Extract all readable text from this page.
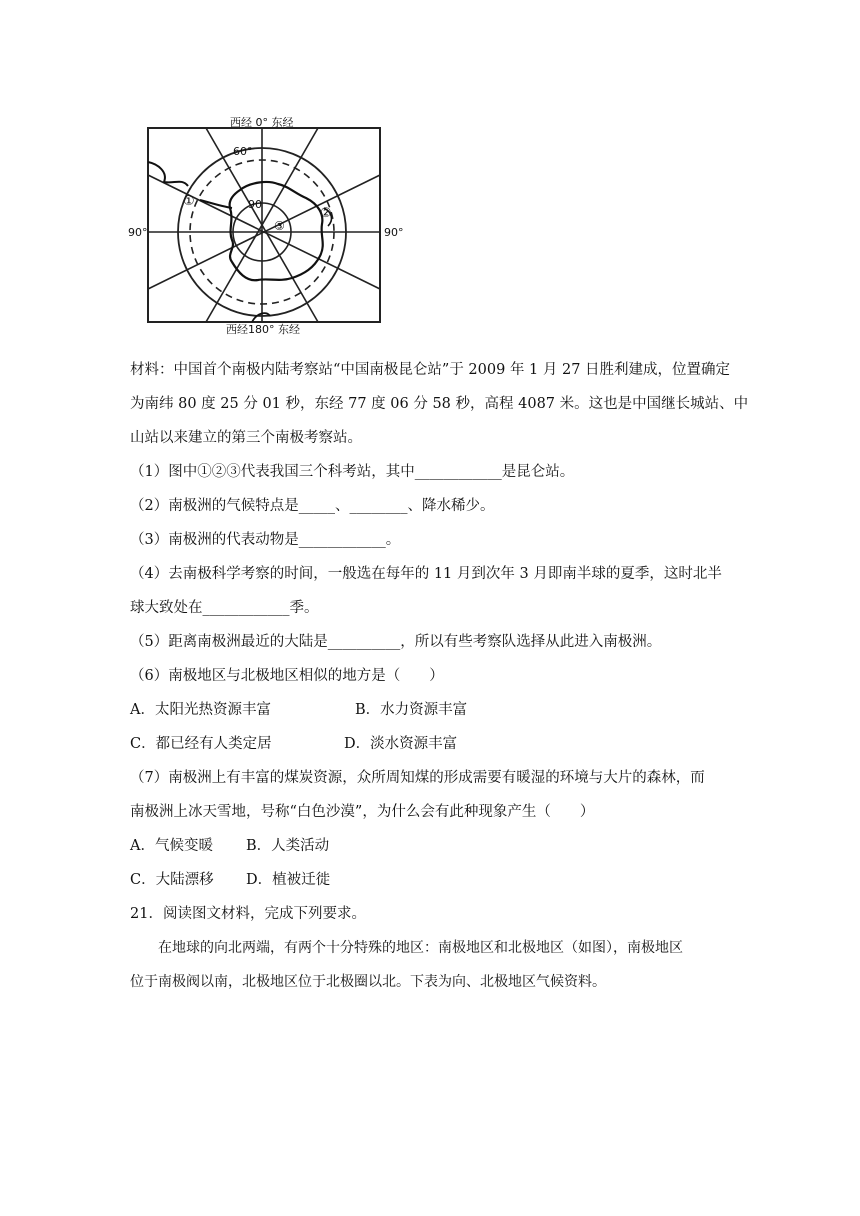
西经 0° 东经
西经180° 东经
90°	90°
60°
90
①
②
③
材料：中国首个南极内陆考察站“中国南极昆仑站”于 2009 年 1 月 27 日胜利建成，位置确定
为南纬 80 度 25 分 01 秒，东经 77 度 06 分 58 秒，高程 4087 米。这也是中国继长城站、中
山站以来建立的第三个南极考察站。
（1）图中①②③代表我国三个科考站，其中____________是昆仑站。
（2）南极洲的气候特点是_____、________、降水稀少。
（3）南极洲的代表动物是____________。
（4）去南极科学考察的时间，一般选在每年的 11 月到次年 3 月即南半球的夏季，这时北半
球大致处在____________季。
（5）距离南极洲最近的大陆是__________，所以有些考察队选择从此进入南极洲。
（6）南极地区与北极地区相似的地方是（　　）
A．太阳光热资源丰富	B．水力资源丰富
C．都已经有人类定居	D．淡水资源丰富
（7）南极洲上有丰富的煤炭资源，众所周知煤的形成需要有暖湿的环境与大片的森林，而
南极洲上冰天雪地，号称“白色沙漠”，为什么会有此种现象产生（　　）
A．气候变暖 B．人类活动
C．大陆漂移 D．植被迁徙
21．阅读图文材料，完成下列要求。
在地球的向北两端，有两个十分特殊的地区：南极地区和北极地区（如图），南极地区
位于南极阀以南，北极地区位于北极圈以北。下表为向、北极地区气候资料。
